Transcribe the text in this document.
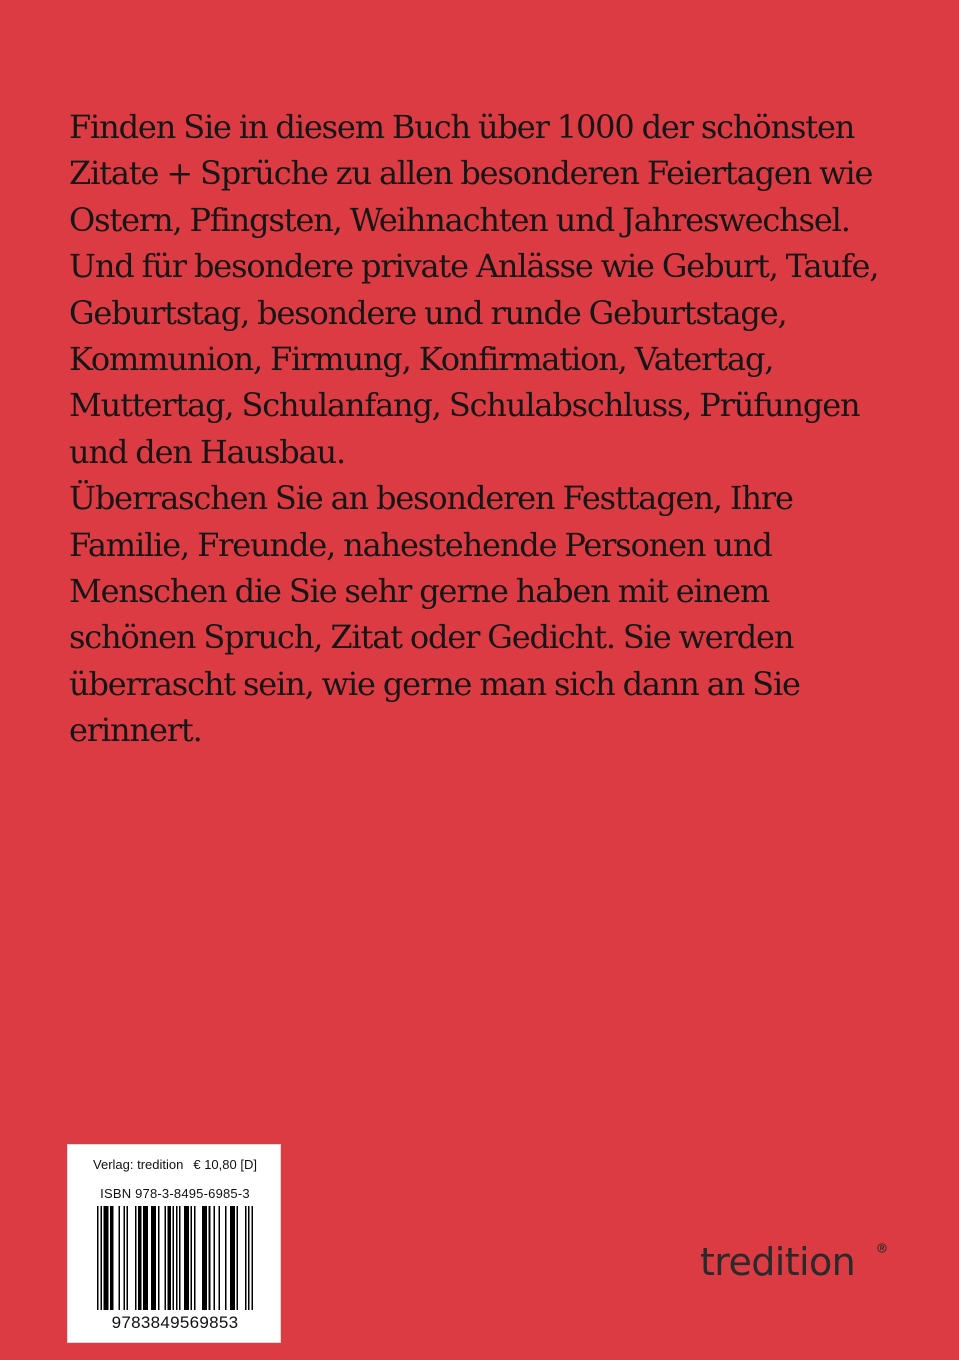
Finden Sie in diesem Buch über 1000 der schönsten
Zitate + Sprüche zu allen besonderen Feiertagen wie
Ostern, Pfingsten, Weihnachten und Jahreswechsel.
Und für besondere private Anlässe wie Geburt, Taufe,
Geburtstag, besondere und runde Geburtstage,
Kommunion, Firmung, Konfirmation, Vatertag,
Muttertag, Schulanfang, Schulabschluss, Prüfungen
und den Hausbau.
Überraschen Sie an besonderen Festtagen, Ihre
Familie, Freunde, nahestehende Personen und
Menschen die Sie sehr gerne haben mit einem
schönen Spruch, Zitat oder Gedicht. Sie werden
überrascht sein, wie gerne man sich dann an Sie
erinnert.

Verlag: tredition € 10,80 [D]
ISBN 978-3-8495-6985-3
9783849569853
tredition
